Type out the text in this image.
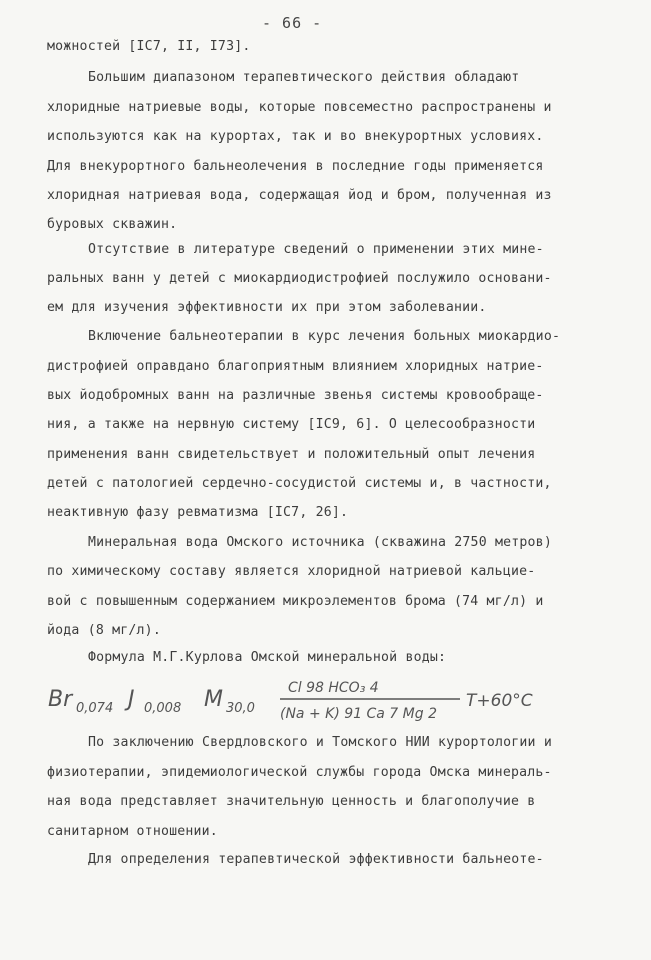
- 66 -
можностей [IC7, II, I73].
Большим диапазоном терапевтического действия обладают
хлоридные натриевые воды, которые повсеместно распространены и
используются как на курортах, так и во внекурортных условиях.
Для внекурортного бальнеолечения в последние годы применяется
хлоридная натриевая вода, содержащая йод и бром, полученная из
буровых скважин.
Отсутствие в литературе сведений о применении этих мине-
ральных ванн у детей с миокардиодистрофией послужило основани-
ем для изучения эффективности их при этом заболевании.
Включение бальнеотерапии в курс лечения больных миокардио-
дистрофией оправдано благоприятным влиянием хлоридных натрие-
вых йодобромных ванн на различные звенья системы кровообраще-
ния, а также на нервную систему [IC9, 6]. О целесообразности
применения ванн свидетельствует и положительный опыт лечения
детей с патологией сердечно-сосудистой системы и, в частности,
неактивную фазу ревматизма [IC7, 26].
Минеральная вода Омского источника (скважина 2750 метров)
по химическому составу является хлоридной натриевой кальцие-
вой с повышенным содержанием микроэлементов брома (74 мг/л) и
йода (8 мг/л).
Формула М.Г.Курлова Омской минеральной воды:
Br 0,074 J 0,008 M 30,0
Cl 98 HCO₃ 4
(Na + K) 91 Ca 7 Mg 2
T+60°C
По заключению Свердловского и Томского НИИ курортологии и
физиотерапии, эпидемиологической службы города Омска минераль-
ная вода представляет значительную ценность и благополучие в
санитарном отношении.
Для определения терапевтической эффективности бальнеоте-
